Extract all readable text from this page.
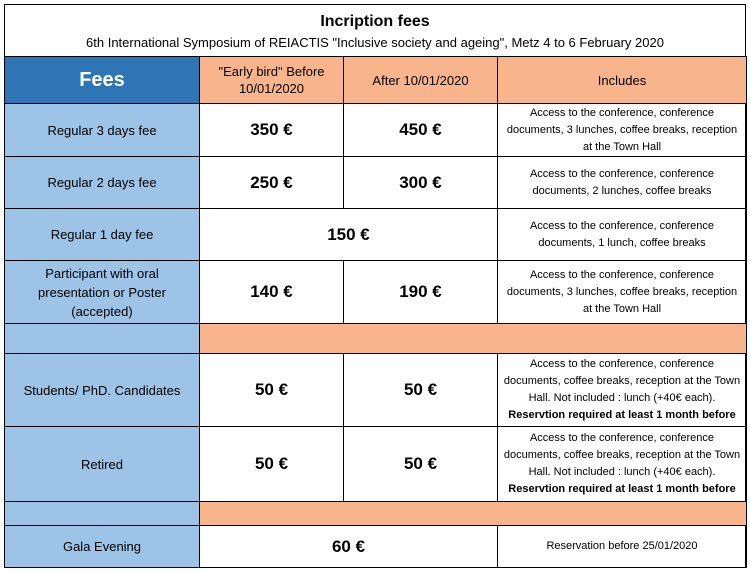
Incription fees
6th International Symposium of REIACTIS "Inclusive society and ageing", Metz 4 to 6 February 2020
Fees	"Early bird" Before 10/01/2020	After 10/01/2020	Includes
Regular 3 days fee	350 €	450 €	Access to the conference, conference documents, 3 lunches, coffee breaks, reception at the Town Hall
Regular 2 days fee	250 €	300 €	Access to the conference, conference documents, 2 lunches, coffee breaks
Regular 1 day fee	150 €		Access to the conference, conference documents, 1 lunch, coffee breaks
Participant with oral presentation or Poster (accepted)	140 €	190 €	Access to the conference, conference documents, 3 lunches, coffee breaks, reception at the Town Hall

Students/ PhD. Candidates	50 €	50 €	Access to the conference, conference documents, coffee breaks, reception at the Town Hall. Not included : lunch (+40€ each).
Reservtion required at least 1 month before
Retired	50 €	50 €	Access to the conference, conference documents, coffee breaks, reception at the Town Hall. Not included : lunch (+40€ each).
Reservtion required at least 1 month before

Gala Evening	60 €		Reservation before 25/01/2020
